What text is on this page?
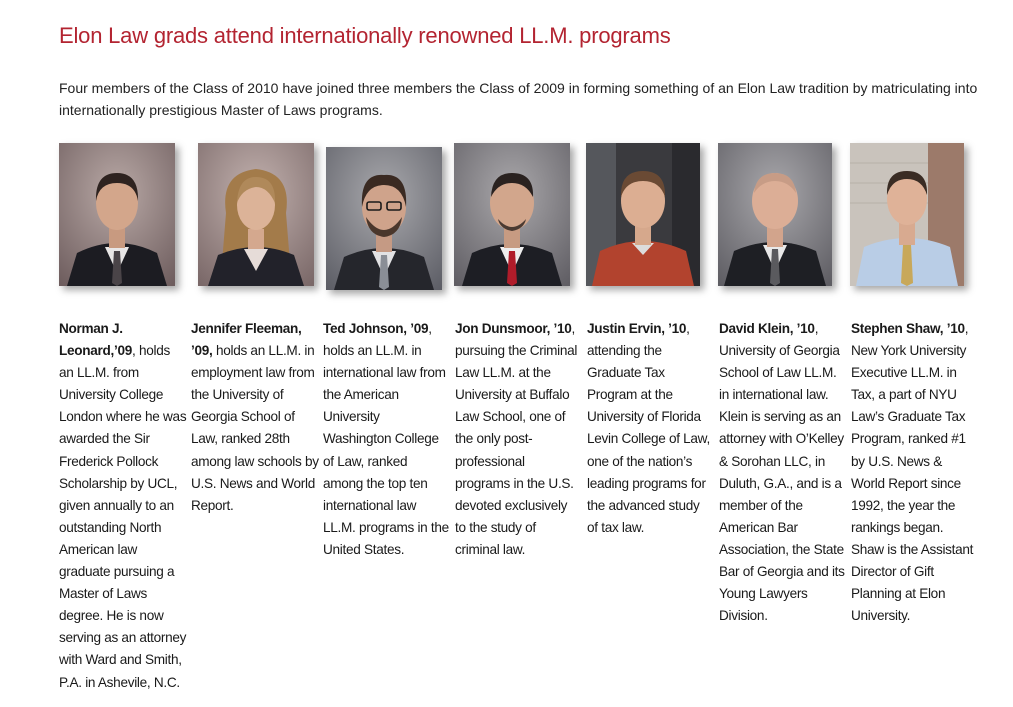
Elon Law grads attend internationally renowned LL.M. programs

Four members of the Class of 2010 have joined three members the Class of 2009 in forming something of an Elon Law tradition by matriculating into internationally prestigious Master of Laws programs.

Norman J. Leonard,’09, holds an LL.M. from University College London where he was awarded the Sir Frederick Pollock Scholarship by UCL, given annually to an outstanding North American law graduate pursuing a Master of Laws degree. He is now serving as an attorney with Ward and Smith, P.A. in Ashevile, N.C.
Jennifer Fleeman, ’09, holds an LL.M. in employment law from the University of Georgia School of Law, ranked 28th among law schools by U.S. News and World Report.
Ted Johnson, ’09, holds an LL.M. in international law from the American University Washington College of Law, ranked among the top ten international law LL.M. programs in the United States.
Jon Dunsmoor, ’10, pursuing the Criminal Law LL.M. at the University at Buffalo Law School, one of the only post-professional programs in the U.S. devoted exclusively to the study of criminal law.
Justin Ervin, ’10, attending the Graduate Tax Program at the University of Florida Levin College of Law, one of the nation’s leading programs for the advanced study of tax law.
David Klein, ’10, University of Georgia School of Law LL.M. in international law. Klein is serving as an attorney with O’Kelley & Sorohan LLC, in Duluth, G.A., and is a member of the American Bar Association, the State Bar of Georgia and its Young Lawyers Division.
Stephen Shaw, ’10, New York University Executive LL.M. in Tax, a part of NYU Law’s Graduate Tax Program, ranked #1 by U.S. News & World Report since 1992, the year the rankings began. Shaw is the Assistant Director of Gift Planning at Elon University.
